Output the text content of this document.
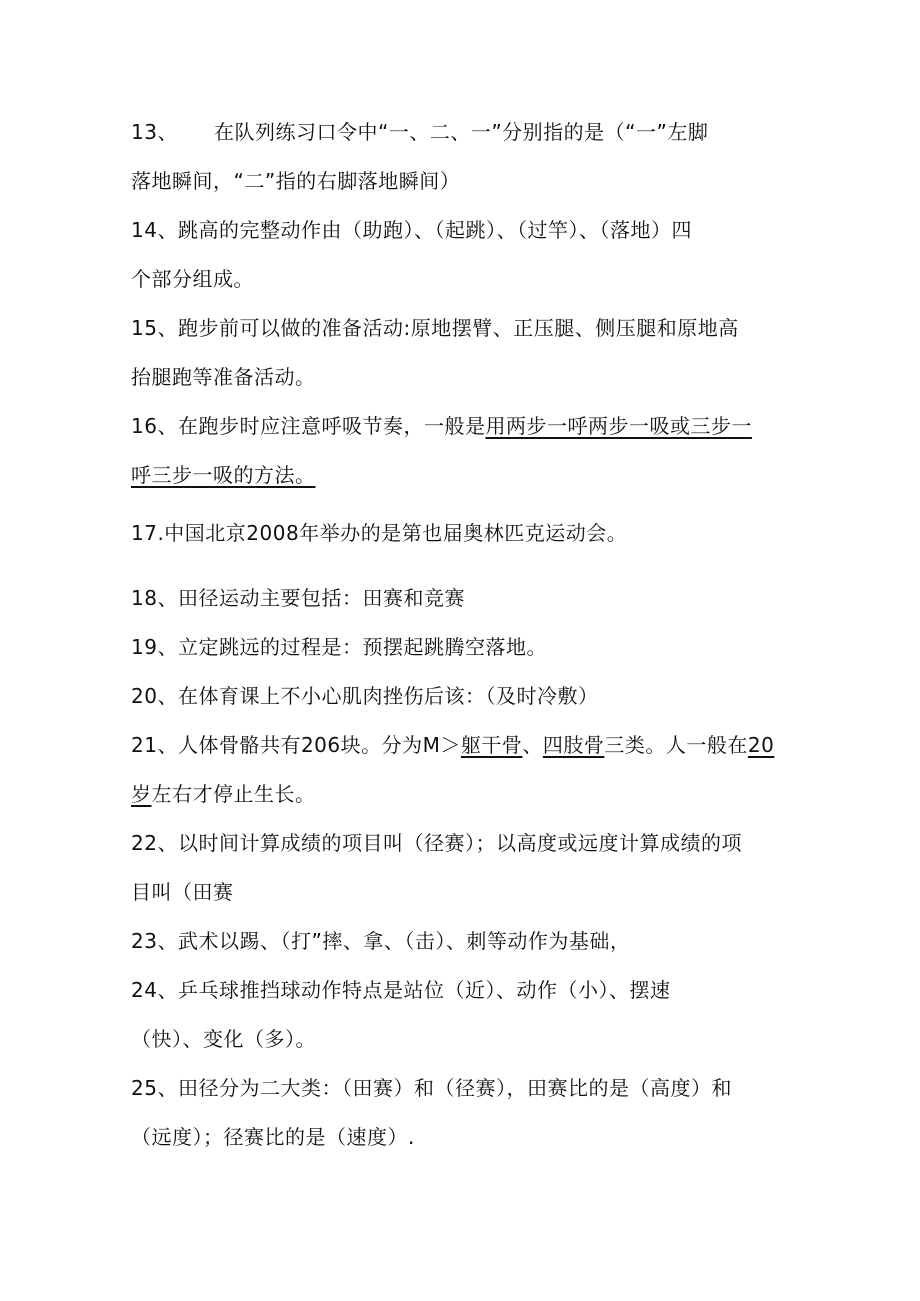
13、 在队列练习口令中“一、二、一”分别指的是（“一”左脚
落地瞬间，“二”指的右脚落地瞬间）
14、跳高的完整动作由（助跑）、（起跳）、（过竿）、（落地）四
个部分组成。
15、跑步前可以做的准备活动:原地摆臂、正压腿、侧压腿和原地高
抬腿跑等准备活动。
16、在跑步时应注意呼吸节奏，一般是用两步一呼两步一吸或三步一
呼三步一吸的方法。
17.中国北京2008年举办的是第也届奥林匹克运动会。
18、田径运动主要包括：田赛和竞赛
19、立定跳远的过程是：预摆起跳腾空落地。
20、在体育课上不小心肌肉挫伤后该：（及时冷敷）
21、人体骨骼共有206块。分为M＞躯干骨、四肢骨三类。人一般在20
岁左右才停止生长。
22、以时间计算成绩的项目叫（径赛）；以高度或远度计算成绩的项
目叫（田赛
23、武术以踢、（打”摔、拿、（击）、刺等动作为基础，
24、乒乓球推挡球动作特点是站位（近）、动作（小）、摆速
（快）、变化（多）。
25、田径分为二大类：（田赛）和（径赛），田赛比的是（高度）和
（远度）；径赛比的是（速度）.
